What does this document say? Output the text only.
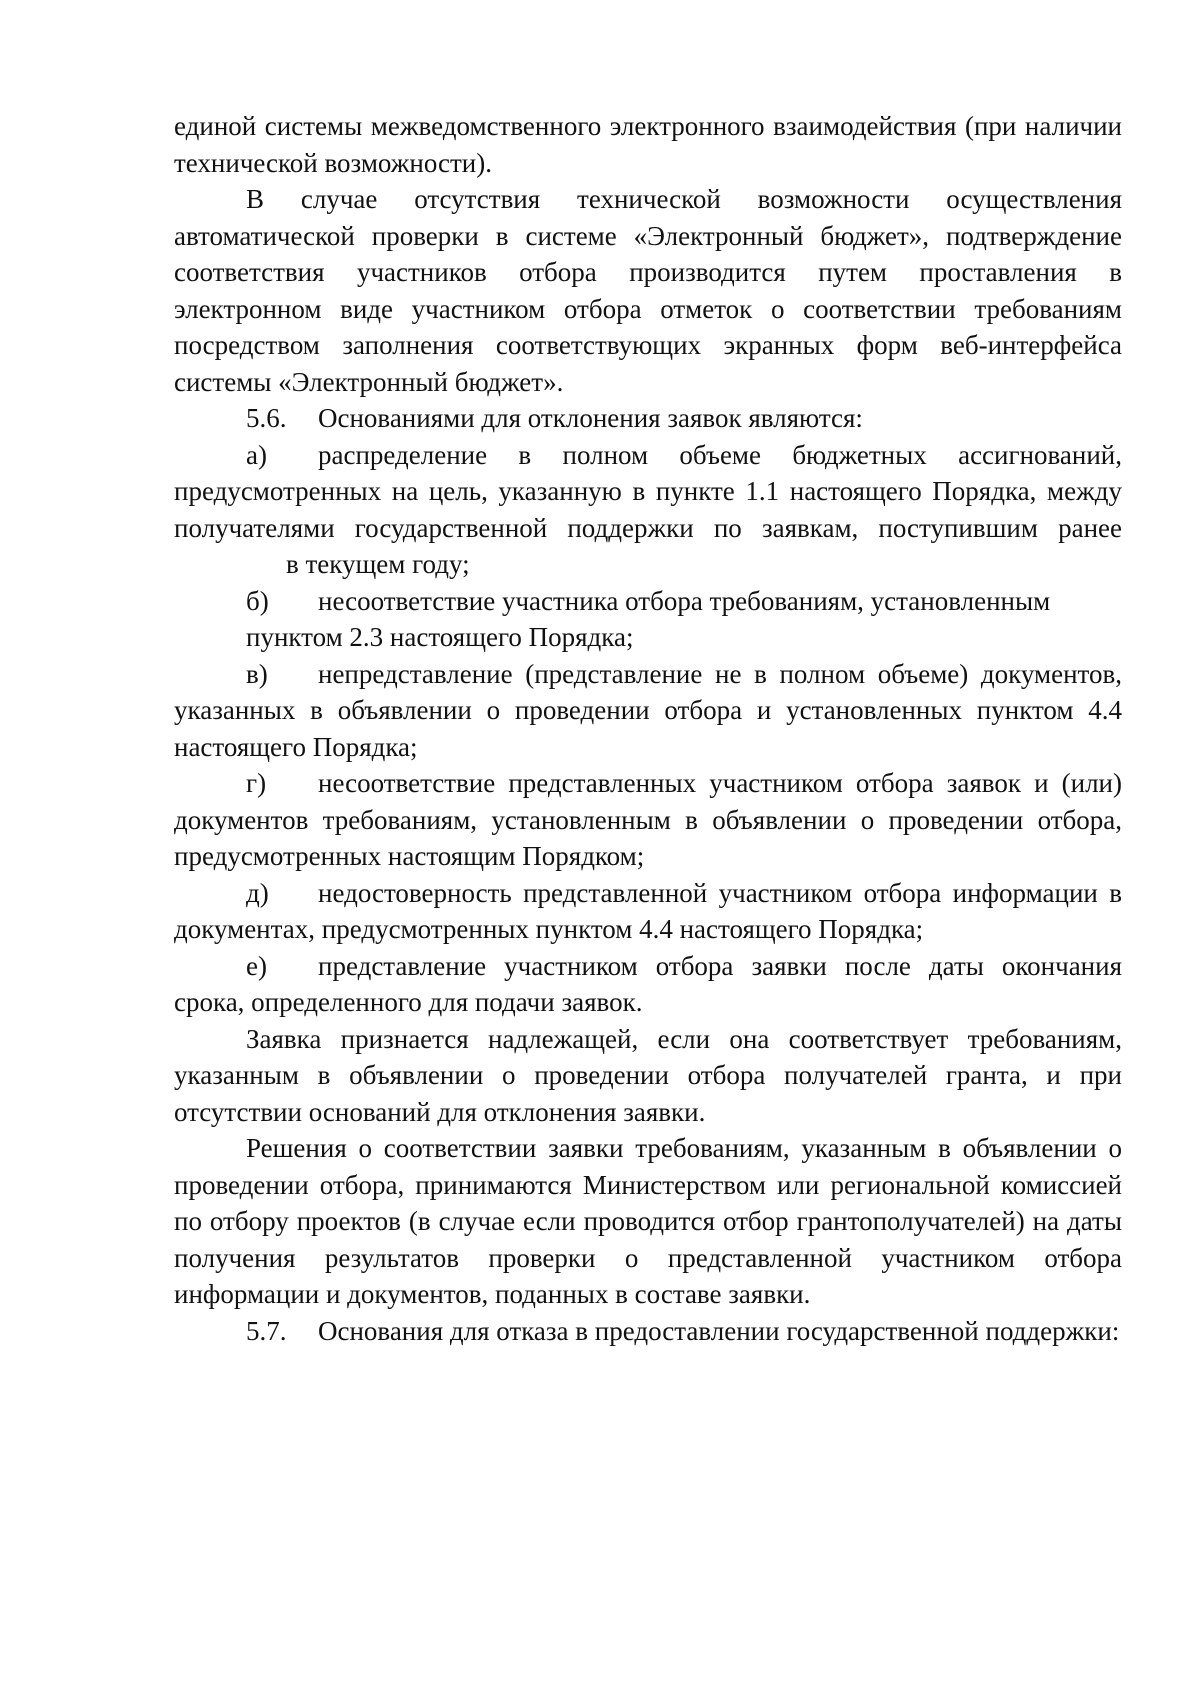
единой системы межведомственного электронного взаимодействия (при наличии технической возможности).

В случае отсутствия технической возможности осуществления автоматической проверки в системе «Электронный бюджет», подтверждение соответствия участников отбора производится путем проставления в электронном виде участником отбора отметок о соответствии требованиям посредством заполнения соответствующих экранных форм веб-интерфейса системы «Электронный бюджет».

5.6. Основаниями для отклонения заявок являются:

а) распределение в полном объеме бюджетных ассигнований, предусмотренных на цель, указанную в пункте 1.1 настоящего Порядка, между получателями государственной поддержки по заявкам, поступившим ранеев текущем году;

б) несоответствие участника отбора требованиям, установленным

пунктом 2.3 настоящего Порядка;

в) непредставление (представление не в полном объеме) документов, указанных в объявлении о проведении отбора и установленных пунктом 4.4 настоящего Порядка;

г) несоответствие представленных участником отбора заявок и (или) документов требованиям, установленным в объявлении о проведении отбора, предусмотренных настоящим Порядком;

д) недостоверность представленной участником отбора информации в документах, предусмотренных пунктом 4.4 настоящего Порядка;

е) представление участником отбора заявки после даты окончания срока, определенного для подачи заявок.

Заявка признается надлежащей, если она соответствует требованиям, указанным в объявлении о проведении отбора получателей гранта, и при отсутствии оснований для отклонения заявки.

Решения о соответствии заявки требованиям, указанным в объявлении о проведении отбора, принимаются Министерством или региональной комиссией по отбору проектов (в случае если проводится отбор грантополучателей) на даты получения результатов проверки о представленной участником отбора информации и документов, поданных в составе заявки.

5.7. Основания для отказа в предоставлении государственной поддержки:
